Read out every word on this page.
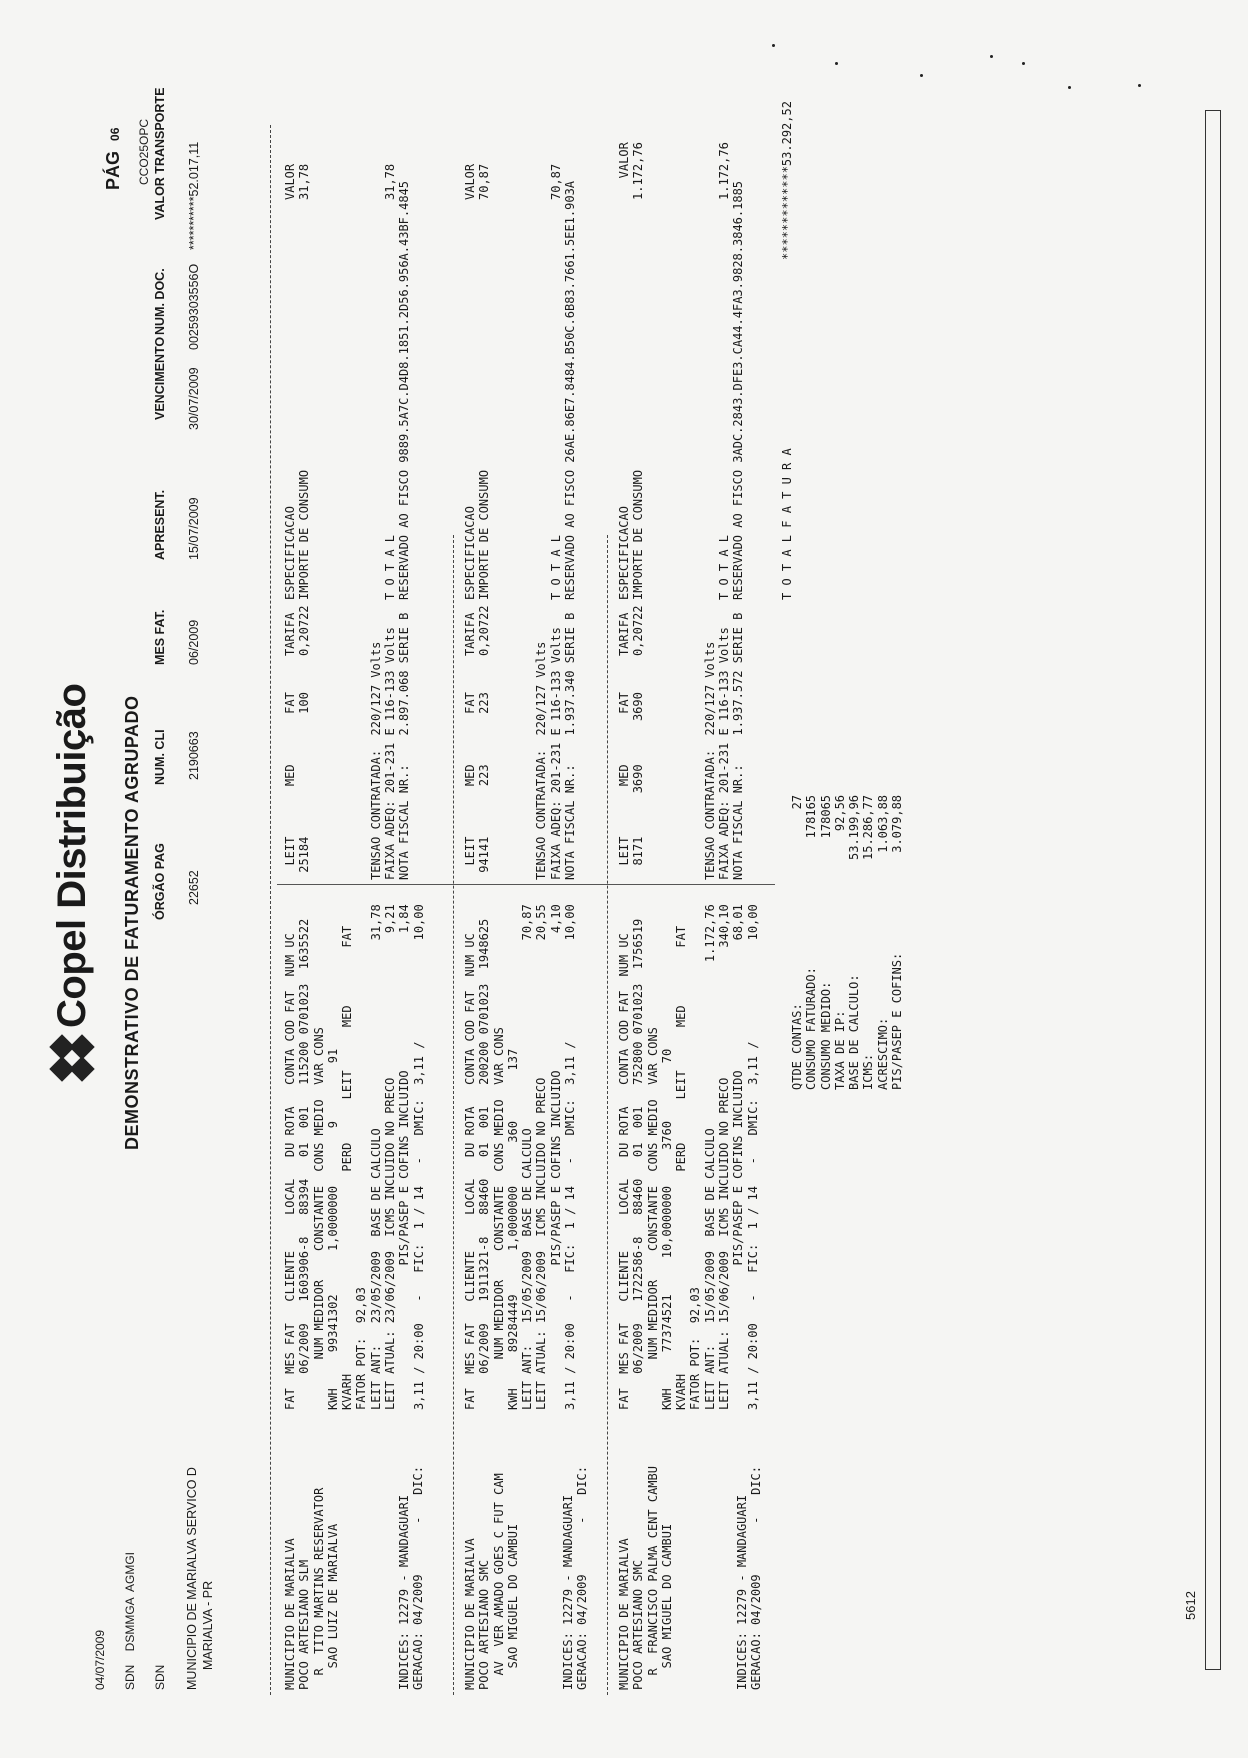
5612
04/07/2009 SDN    DSMMGA  AGMGI SDN
Copel Distribuição DEMONSTRATIVO DE FATURAMENTO AGRUPADO
PÁG  06 CCO25OPC
ÓRGÃO PAG
NUM. CLI
MES FAT.
APRESENT.
VENCIMENTO
NUM. DOC.
VALOR TRANSPORTE
MUNICIPIO DE MARIALVA SERVICO D MARIALVA - PR
22652
2190663
06/2009
15/07/2009
30/07/2009
00259303556O
***********52.017,11
MUNICIPIO DE MARIALVA
POCO ARTESIANO SLM
R  TITO MARTINS RESERVATOR
SAO LUIZ DE MARIALVA
FAT  MES FAT   CLIENTE     LOCAL   DU ROTA   CONTA COD FAT  NUM UC
06/2009   1603906-8   88394   01  001   115200 0701023  1635522
NUM MEDIDOR    CONSTANTE  CONS MEDIO  VAR CONS
KWH     99341302      1,0000000        9        91
KVARH                            PERD      LEIT      MED        FAT
FATOR POT:  92,03
LEIT ANT:   23/05/2009  BASE DE CALCULO                          31,78
LEIT ATUAL: 23/06/2009  ICMS INCLUIDO NO PRECO                    9,21
PIS/PASEP E COFINS INCLUIDO                   1,84
3,11 / 20:00   -   FIC:  1 / 14   -   DMIC:  3,11 /              10,00
LEIT       MED       FAT     TARIFA
25184                 100     0,20722

TENSAO CONTRATADA:  220/127 Volts
FAIXA ADEQ: 201-231 E 116-133 Volts
NOTA FISCAL NR.:    2.897.068 SERIE B
ESPECIFICACAO
IMPORTE DE CONSUMO

T O T A L
RESERVADO AO FISCO 9889.5A7C.D4D8.1851.2D56.956A.43BF.4845
VALOR
31,78

31,78
INDICES: 12279 - MANDAGUARI
GERACAO: 04/2009       -   DIC:
MUNICIPIO DE MARIALVA
POCO ARTESIANO SMC
AV  VER AMADO GOES C FUT CAM
SAO MIGUEL DO CAMBUI
FAT  MES FAT   CLIENTE     LOCAL   DU ROTA   CONTA COD FAT  NUM UC
06/2009   1911321-8   88460   01  001   200200 0701023  1948625
NUM MEDIDOR    CONSTANTE  CONS MEDIO  VAR CONS
KWH     89284449      1,0000000      360       137
LEIT ANT:   15/05/2009  BASE DE CALCULO                          70,87
LEIT ATUAL: 15/06/2009  ICMS INCLUIDO NO PRECO                   20,55
PIS/PASEP E COFINS INCLUIDO                   4,10
3,11 / 20:00   -   FIC:  1 / 14   -   DMIC:  3,11 /              10,00
LEIT       MED       FAT     TARIFA
94141       223       223     0,20722

TENSAO CONTRATADA:  220/127 Volts
FAIXA ADEQ: 201-231 E 116-133 Volts
NOTA FISCAL NR.:    1.937.340 SERIE B
ESPECIFICACAO
IMPORTE DE CONSUMO

T O T A L
RESERVADO AO FISCO 26AE.86E7.8484.B50C.6B83.7661.5EE1.903A
VALOR
70,87

70,87
INDICES: 12279 - MANDAGUARI
GERACAO: 04/2009       -   DIC:
MUNICIPIO DE MARIALVA
POCO ARTESIANO SMC
R  FRANCISCO PALMA CENT CAMBU
SAO MIGUEL DO CAMBUI
FAT  MES FAT   CLIENTE     LOCAL   DU ROTA   CONTA COD FAT  NUM UC
06/2009   1722586-8   88460   01  001   752800 0701023  1756519
NUM MEDIDOR    CONSTANTE  CONS MEDIO  VAR CONS
KWH     77374521     10,0000000     3760        70
KVARH                            PERD      LEIT      MED        FAT
FATOR POT:  92,03
LEIT ANT:   15/05/2009  BASE DE CALCULO                       1.172,76
LEIT ATUAL: 15/06/2009  ICMS INCLUIDO NO PRECO                  340,10
PIS/PASEP E COFINS INCLUIDO                  68,01
3,11 / 20:00   -   FIC:  1 / 14   -   DMIC:  3,11 /              10,00
LEIT       MED       FAT     TARIFA
8171      3690      3690     0,20722

TENSAO CONTRATADA:  220/127 Volts
FAIXA ADEQ: 201-231 E 116-133 Volts
NOTA FISCAL NR.:    1.937.572 SERIE B
ESPECIFICACAO
IMPORTE DE CONSUMO

T O T A L
RESERVADO AO FISCO 3ADC.2843.DFE3.CA44.4FA3.9828.3846.1885
VALOR
1.172,76

1.172,76
INDICES: 12279 - MANDAGUARI
GERACAO: 04/2009       -   DIC:
QTDE CONTAS:
CONSUMO FATURADO:
CONSUMO MEDIDO:
TAXA DE IP:
BASE DE CALCULO:
ICMS:
ACRESCIMO:
PIS/PASEP E COFINS:
27
178165
178065
92,56
53.199,96
15.286,77
1.063,88
3.079,88
T O T A L F A T U R A
*************53.292,52
